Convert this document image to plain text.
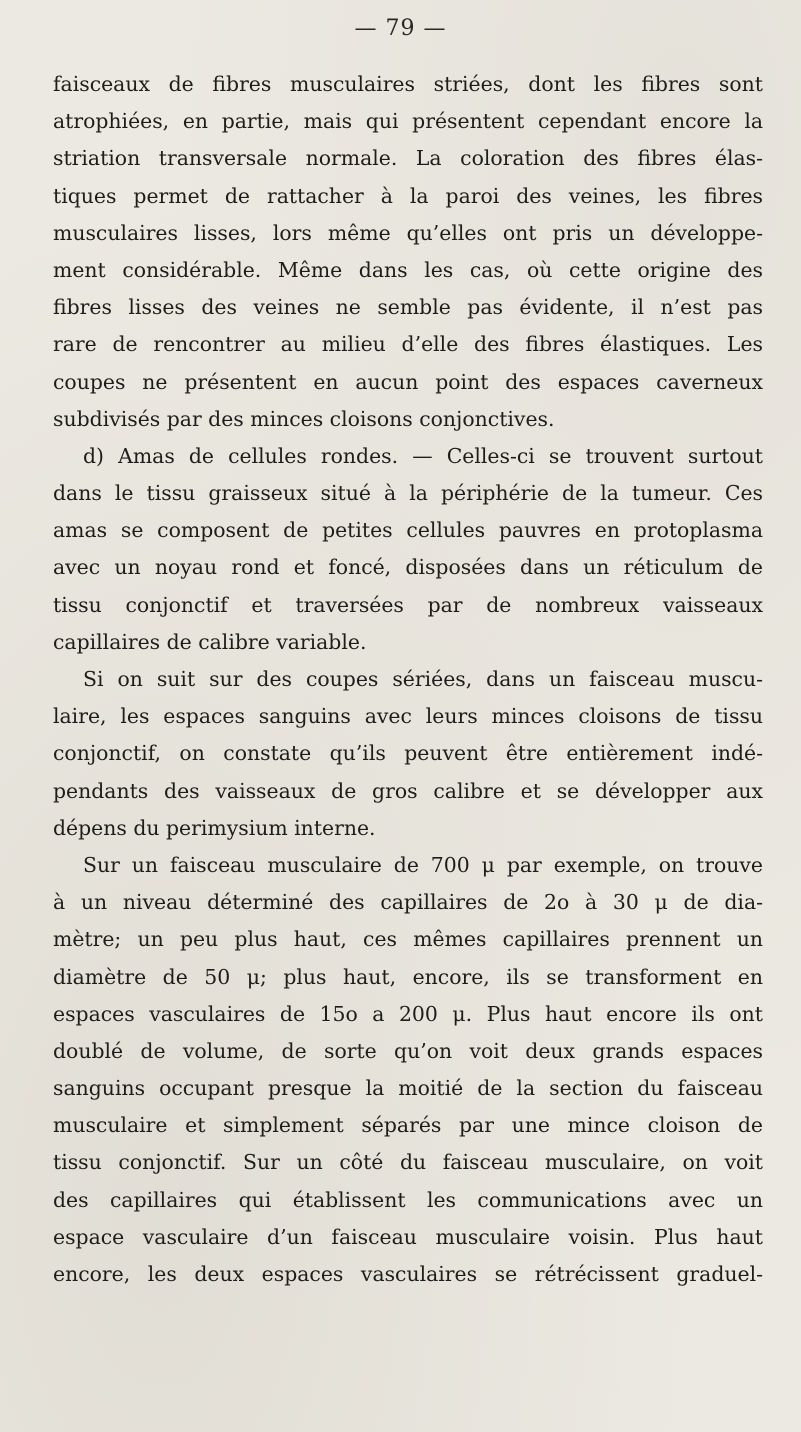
— 79 —
faisceaux de fibres musculaires striées, dont les fibres sont
atrophiées, en partie, mais qui présentent cependant encore la
striation transversale normale. La coloration des fibres élas-
tiques permet de rattacher à la paroi des veines, les fibres
musculaires lisses, lors même qu’elles ont pris un développe-
ment considérable. Même dans les cas, où cette origine des
fibres lisses des veines ne semble pas évidente, il n’est pas
rare de rencontrer au milieu d’elle des fibres élastiques. Les
coupes ne présentent en aucun point des espaces caverneux
subdivisés par des minces cloisons conjonctives.
d) Amas de cellules rondes. — Celles-ci se trouvent surtout
dans le tissu graisseux situé à la périphérie de la tumeur. Ces
amas se composent de petites cellules pauvres en protoplasma
avec un noyau rond et foncé, disposées dans un réticulum de
tissu conjonctif et traversées par de nombreux vaisseaux
capillaires de calibre variable.
Si on suit sur des coupes sériées, dans un faisceau muscu-
laire, les espaces sanguins avec leurs minces cloisons de tissu
conjonctif, on constate qu’ils peuvent être entièrement indé-
pendants des vaisseaux de gros calibre et se développer aux
dépens du perimysium interne.
Sur un faisceau musculaire de 700 μ par exemple, on trouve
à un niveau déterminé des capillaires de 2o à 30 μ de dia-
mètre; un peu plus haut, ces mêmes capillaires prennent un
diamètre de 50 μ; plus haut, encore, ils se transforment en
espaces vasculaires de 15o a 200 μ. Plus haut encore ils ont
doublé de volume, de sorte qu’on voit deux grands espaces
sanguins occupant presque la moitié de la section du faisceau
musculaire et simplement séparés par une mince cloison de
tissu conjonctif. Sur un côté du faisceau musculaire, on voit
des capillaires qui établissent les communications avec un
espace vasculaire d’un faisceau musculaire voisin. Plus haut
encore, les deux espaces vasculaires se rétrécissent graduel-
